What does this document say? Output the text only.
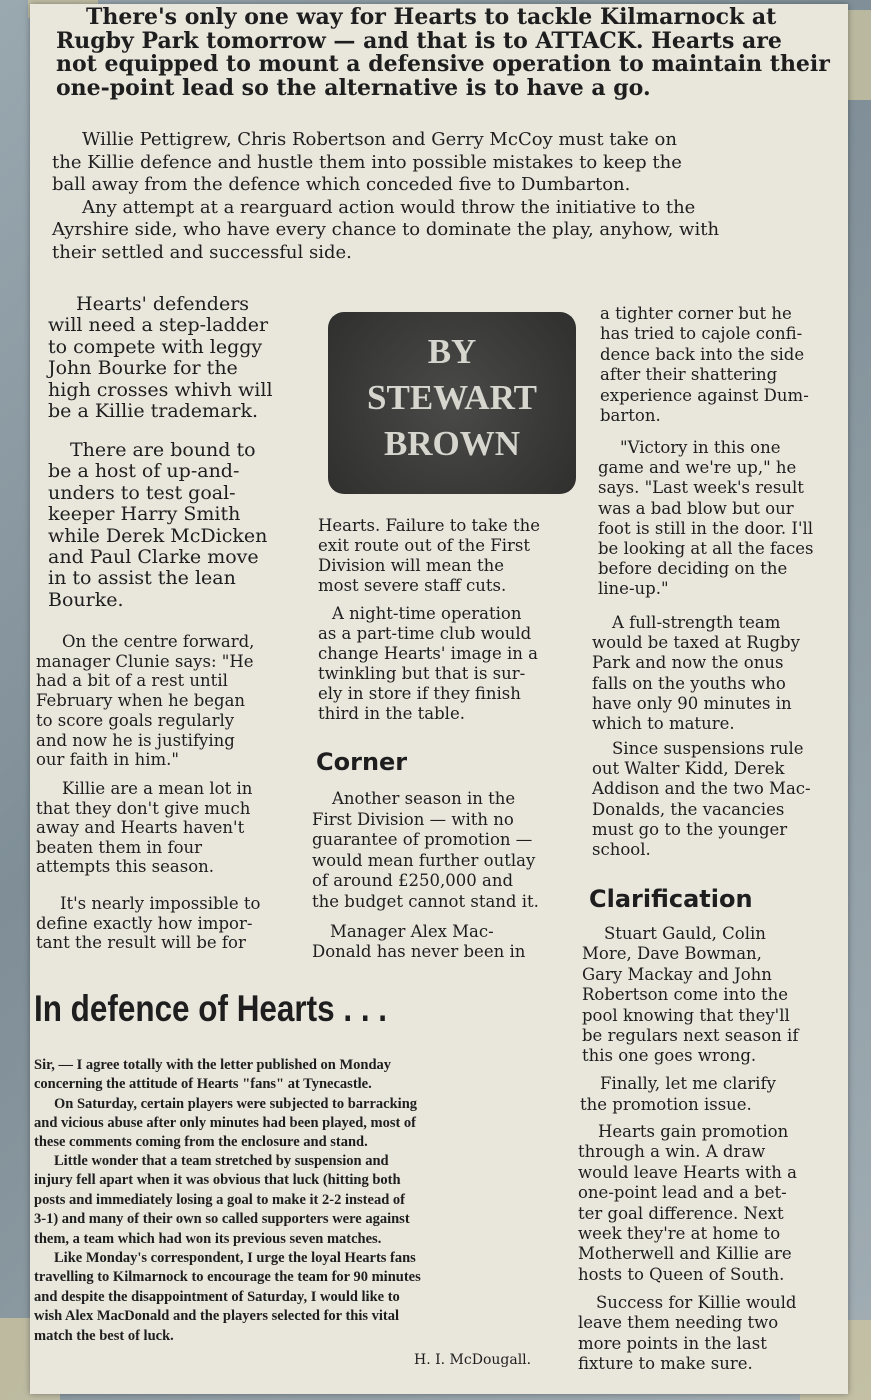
There's only one way for Hearts to tackle Kilmarnock at

Rugby Park tomorrow — and that is to ATTACK. Hearts are

not equipped to mount a defensive operation to maintain their

one-point lead so the alternative is to have a go.

Willie Pettigrew, Chris Robertson and Gerry McCoy must take on

the Killie defence and hustle them into possible mistakes to keep the

ball away from the defence which conceded five to Dumbarton.

Any attempt at a rearguard action would throw the initiative to the

Ayrshire side, who have every chance to dominate the play, anyhow, with

their settled and successful side.

Hearts' defenders

will need a step-ladder

to compete with leggy

John Bourke for the

high crosses whivh will

be a Killie trademark.

There are bound to

be a host of up-and-

unders to test goal-

keeper Harry Smith

while Derek McDicken

and Paul Clarke move

in to assist the lean

Bourke.

On the centre forward,

manager Clunie says: "He

had a bit of a rest until

February when he began

to score goals regularly

and now he is justifying

our faith in him."

Killie are a mean lot in

that they don't give much

away and Hearts haven't

beaten them in four

attempts this season.

It's nearly impossible to

define exactly how impor-

tant the result will be for

BY
STEWART
BROWN

Hearts. Failure to take the

exit route out of the First

Division will mean the

most severe staff cuts.

A night-time operation

as a part-time club would

change Hearts' image in a

twinkling but that is sur-

ely in store if they finish

third in the table.

Corner

Another season in the

First Division — with no

guarantee of promotion —

would mean further outlay

of around £250,000 and

the budget cannot stand it.

Manager Alex Mac-

Donald has never been in

a tighter corner but he

has tried to cajole confi-

dence back into the side

after their shattering

experience against Dum-

barton.

"Victory in this one

game and we're up," he

says. "Last week's result

was a bad blow but our

foot is still in the door. I'll

be looking at all the faces

before deciding on the

line-up."

A full-strength team

would be taxed at Rugby

Park and now the onus

falls on the youths who

have only 90 minutes in

which to mature.

Since suspensions rule

out Walter Kidd, Derek

Addison and the two Mac-

Donalds, the vacancies

must go to the younger

school.

Clarification

Stuart Gauld, Colin

More, Dave Bowman,

Gary Mackay and John

Robertson come into the

pool knowing that they'll

be regulars next season if

this one goes wrong.

Finally, let me clarify

the promotion issue.

Hearts gain promotion

through a win. A draw

would leave Hearts with a

one-point lead and a bet-

ter goal difference. Next

week they're at home to

Motherwell and Killie are

hosts to Queen of South.

Success for Killie would

leave them needing two

more points in the last

fixture to make sure.

In defence of Hearts . . .

Sir, — I agree totally with the letter published on Monday

concerning the attitude of Hearts "fans" at Tynecastle.

On Saturday, certain players were subjected to barracking

and vicious abuse after only minutes had been played, most of

these comments coming from the enclosure and stand.

Little wonder that a team stretched by suspension and

injury fell apart when it was obvious that luck (hitting both

posts and immediately losing a goal to make it 2-2 instead of

3-1) and many of their own so called supporters were against

them, a team which had won its previous seven matches.

Like Monday's correspondent, I urge the loyal Hearts fans

travelling to Kilmarnock to encourage the team for 90 minutes

and despite the disappointment of Saturday, I would like to

wish Alex MacDonald and the players selected for this vital

match the best of luck.

H. I. McDougall.
